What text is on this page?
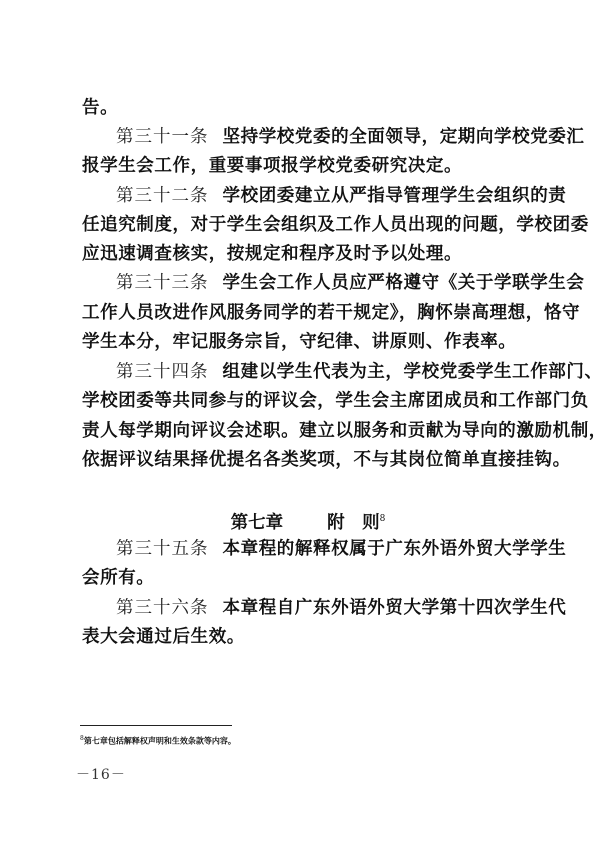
告。
第三十一条 坚持学校党委的全面领导，定期向学校党委汇
报学生会工作，重要事项报学校党委研究决定。
第三十二条 学校团委建立从严指导管理学生会组织的责
任追究制度，对于学生会组织及工作人员出现的问题，学校团委
应迅速调查核实，按规定和程序及时予以处理。
第三十三条 学生会工作人员应严格遵守《关于学联学生会
工作人员改进作风服务同学的若干规定》，胸怀崇高理想，恪守
学生本分，牢记服务宗旨，守纪律、讲原则、作表率。
第三十四条 组建以学生代表为主，学校党委学生工作部门、
学校团委等共同参与的评议会，学生会主席团成员和工作部门负
责人每学期向评议会述职。建立以服务和贡献为导向的激励机制，
依据评议结果择优提名各类奖项，不与其岗位简单直接挂钩。
第七章	附　则$^8$
第三十五条 本章程的解释权属于广东外语外贸大学学生
会所有。
第三十六条 本章程自广东外语外贸大学第十四次学生代
表大会通过后生效。
$^8$第七章包括解释权声明和生效条款等内容。
－16－
